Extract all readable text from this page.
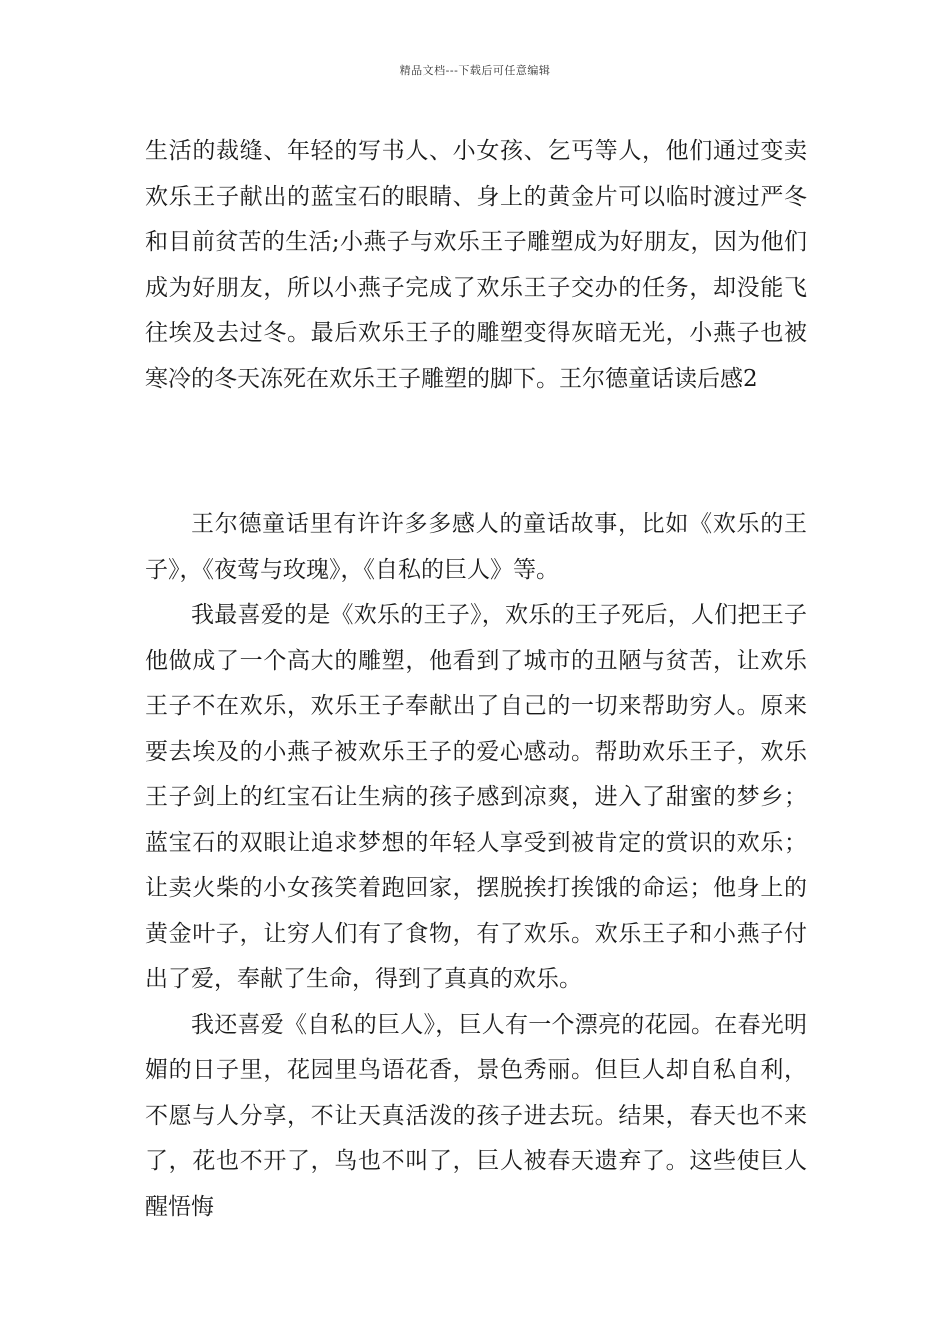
精品文档---下载后可任意编辑

生活的裁缝、年轻的写书人、小女孩、乞丐等人，他们通过变卖欢乐王子献出的蓝宝石的眼睛、身上的黄金片可以临时渡过严冬和目前贫苦的生活;小燕子与欢乐王子雕塑成为好朋友，因为他们成为好朋友，所以小燕子完成了欢乐王子交办的任务，却没能飞往埃及去过冬。最后欢乐王子的雕塑变得灰暗无光，小燕子也被寒冷的冬天冻死在欢乐王子雕塑的脚下。王尔德童话读后感2

王尔德童话里有许许多多感人的童话故事，比如《欢乐的王子》，《夜莺与玫瑰》，《自私的巨人》等。

我最喜爱的是《欢乐的王子》，欢乐的王子死后，人们把王子他做成了一个高大的雕塑，他看到了城市的丑陋与贫苦，让欢乐王子不在欢乐，欢乐王子奉献出了自己的一切来帮助穷人。原来要去埃及的小燕子被欢乐王子的爱心感动。帮助欢乐王子，欢乐王子剑上的红宝石让生病的孩子感到凉爽，进入了甜蜜的梦乡；蓝宝石的双眼让追求梦想的年轻人享受到被肯定的赏识的欢乐；让卖火柴的小女孩笑着跑回家，摆脱挨打挨饿的命运；他身上的黄金叶子，让穷人们有了食物，有了欢乐。欢乐王子和小燕子付出了爱，奉献了生命，得到了真真的欢乐。

我还喜爱《自私的巨人》，巨人有一个漂亮的花园。在春光明媚的日子里，花园里鸟语花香，景色秀丽。但巨人却自私自利，不愿与人分享，不让天真活泼的孩子进去玩。结果，春天也不来了，花也不开了，鸟也不叫了，巨人被春天遗弃了。这些使巨人醒悟悔
